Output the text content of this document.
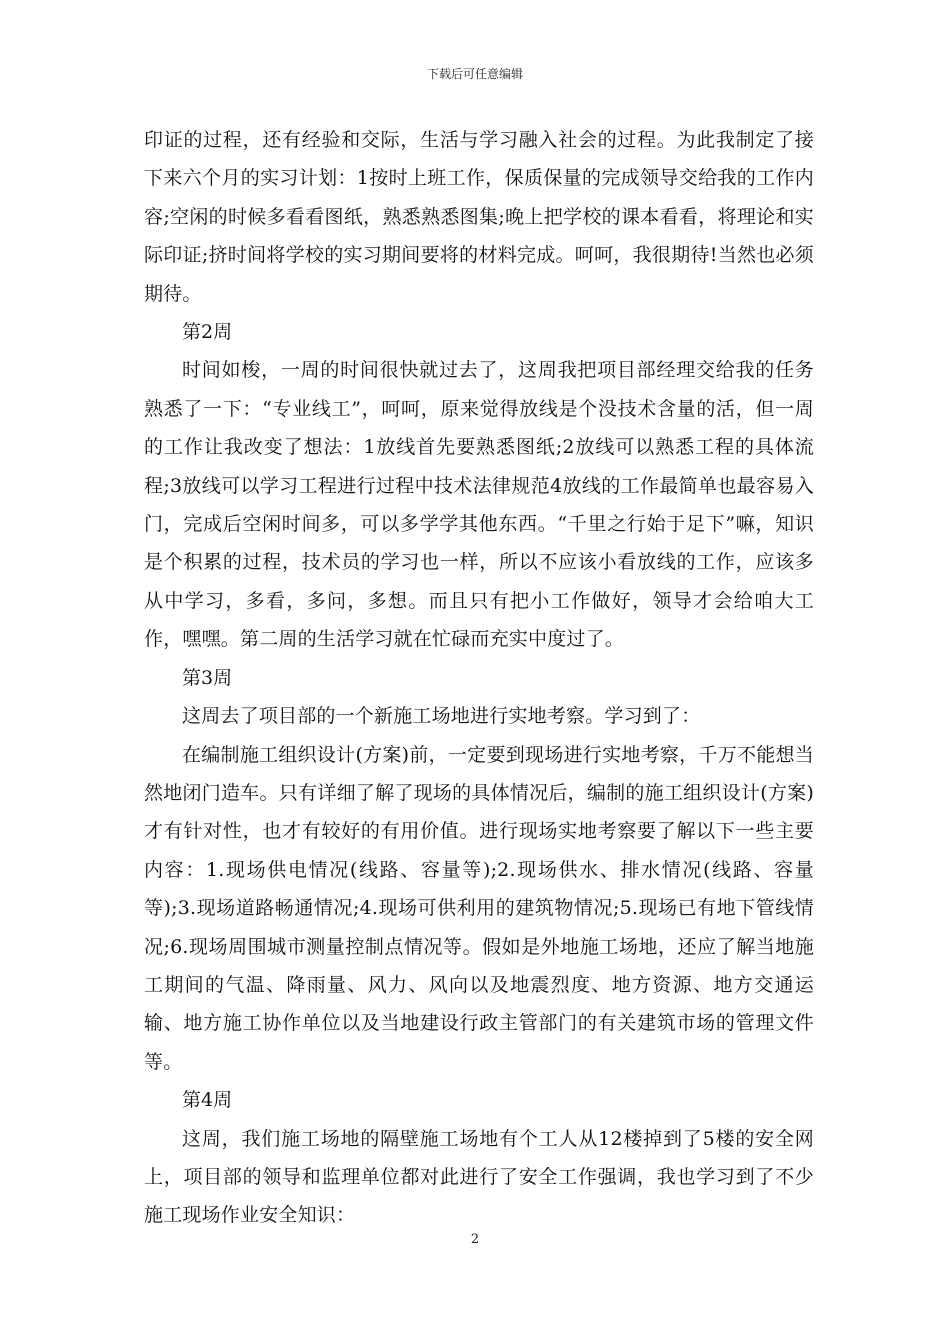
下载后可任意编辑

印证的过程，还有经验和交际，生活与学习融入社会的过程。为此我制定了接下来六个月的实习计划：1按时上班工作，保质保量的完成领导交给我的工作内容;空闲的时候多看看图纸，熟悉熟悉图集;晚上把学校的课本看看，将理论和实际印证;挤时间将学校的实习期间要将的材料完成。呵呵，我很期待!当然也必须期待。

第2周

时间如梭，一周的时间很快就过去了，这周我把项目部经理交给我的任务熟悉了一下：“专业线工”，呵呵，原来觉得放线是个没技术含量的活，但一周的工作让我改变了想法：1放线首先要熟悉图纸;2放线可以熟悉工程的具体流程;3放线可以学习工程进行过程中技术法律规范4放线的工作最简单也最容易入门，完成后空闲时间多，可以多学学其他东西。“千里之行始于足下”嘛，知识是个积累的过程，技术员的学习也一样，所以不应该小看放线的工作，应该多从中学习，多看，多问，多想。而且只有把小工作做好，领导才会给咱大工作，嘿嘿。第二周的生活学习就在忙碌而充实中度过了。

第3周

这周去了项目部的一个新施工场地进行实地考察。学习到了：

在编制施工组织设计(方案)前，一定要到现场进行实地考察，千万不能想当然地闭门造车。只有详细了解了现场的具体情况后，编制的施工组织设计(方案)才有针对性，也才有较好的有用价值。进行现场实地考察要了解以下一些主要内容：1.现场供电情况(线路、容量等);2.现场供水、排水情况(线路、容量等);3.现场道路畅通情况;4.现场可供利用的建筑物情况;5.现场已有地下管线情况;6.现场周围城市测量控制点情况等。假如是外地施工场地，还应了解当地施工期间的气温、降雨量、风力、风向以及地震烈度、地方资源、地方交通运输、地方施工协作单位以及当地建设行政主管部门的有关建筑市场的管理文件等。

第4周

这周，我们施工场地的隔壁施工场地有个工人从12楼掉到了5楼的安全网上，项目部的领导和监理单位都对此进行了安全工作强调，我也学习到了不少施工现场作业安全知识：

2
